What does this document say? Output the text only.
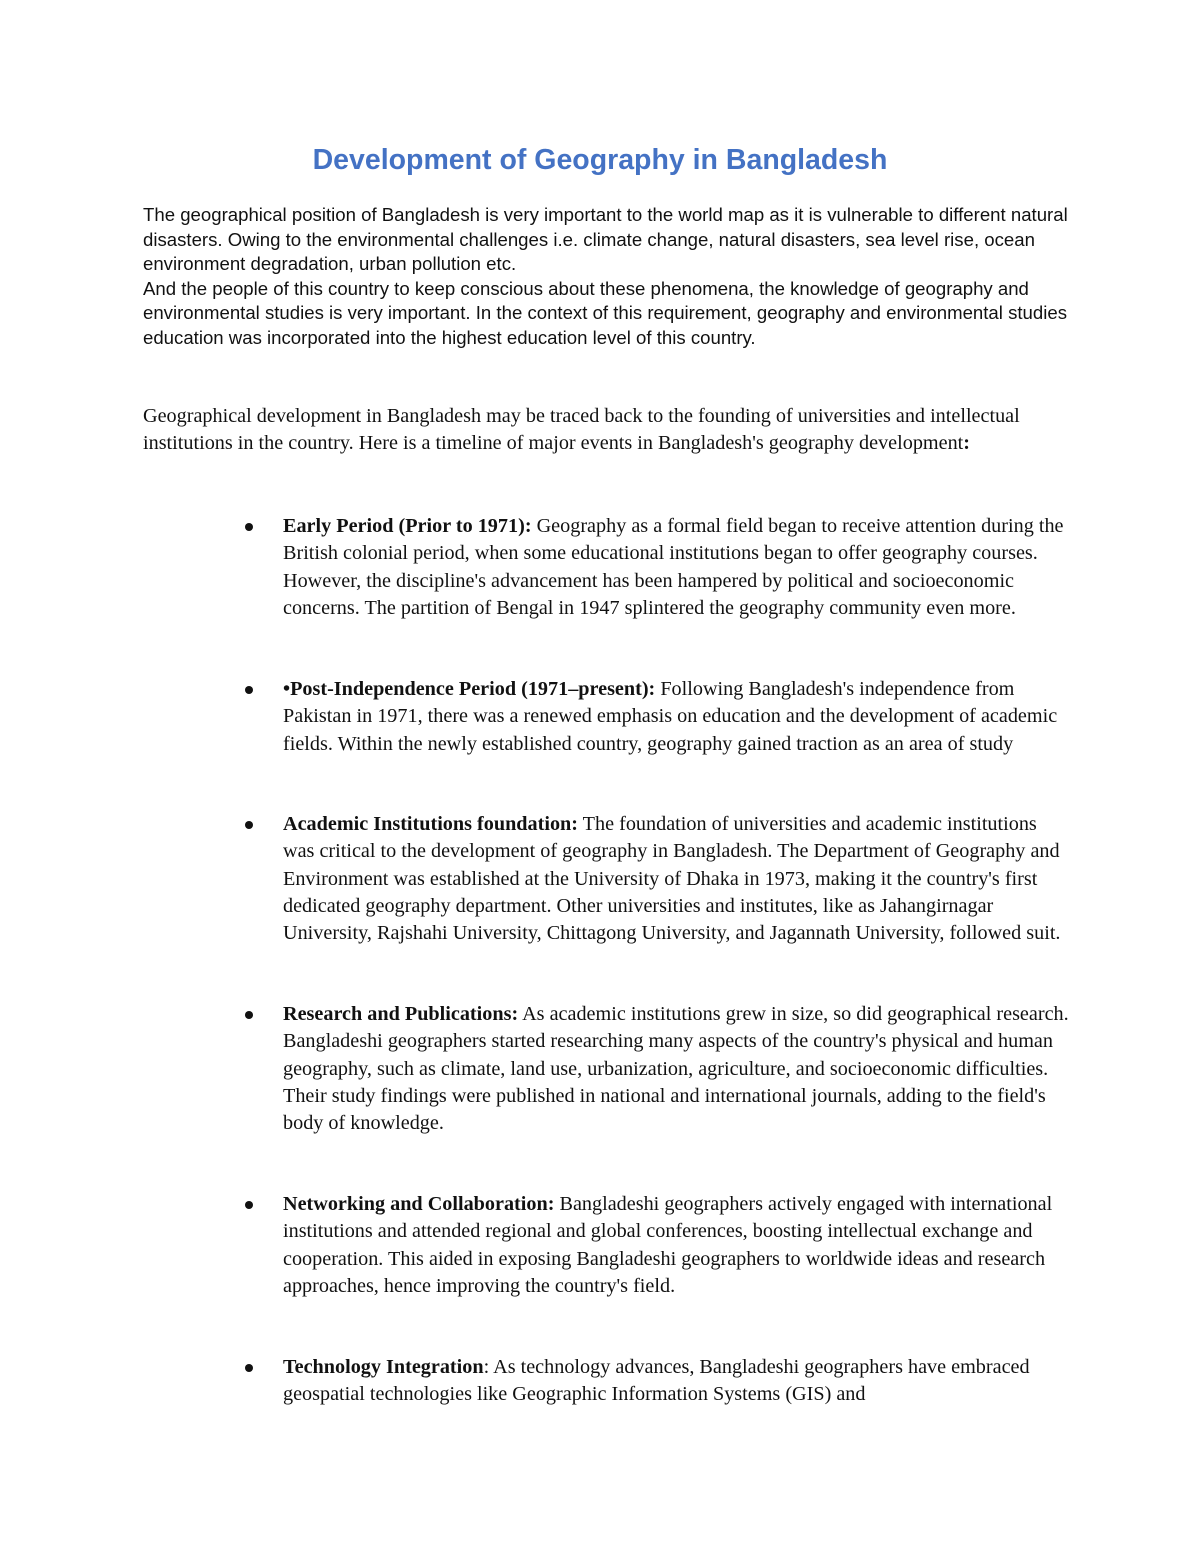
Development of Geography in Bangladesh

The geographical position of Bangladesh is very important to the world map as it is vulnerable to different natural disasters. Owing to the environmental challenges i.e. climate change, natural disasters, sea level rise, ocean environment degradation, urban pollution etc.

And the people of this country to keep conscious about these phenomena, the knowledge of geography and environmental studies is very important. In the context of this requirement, geography and environmental studies education was incorporated into the highest education level of this country.

Geographical development in Bangladesh may be traced back to the founding of universities and intellectual institutions in the country. Here is a timeline of major events in Bangladesh's geography development:

Early Period (Prior to 1971): Geography as a formal field began to receive attention during the British colonial period, when some educational institutions began to offer geography courses. However, the discipline's advancement has been hampered by political and socioeconomic concerns. The partition of Bengal in 1947 splintered the geography community even more.
•Post-Independence Period (1971–present): Following Bangladesh's independence from Pakistan in 1971, there was a renewed emphasis on education and the development of academic fields. Within the newly established country, geography gained traction as an area of study
Academic Institutions foundation: The foundation of universities and academic institutions was critical to the development of geography in Bangladesh. The Department of Geography and Environment was established at the University of Dhaka in 1973, making it the country's first dedicated geography department. Other universities and institutes, like as Jahangirnagar University, Rajshahi University, Chittagong University, and Jagannath University, followed suit.
Research and Publications: As academic institutions grew in size, so did geographical research. Bangladeshi geographers started researching many aspects of the country's physical and human geography, such as climate, land use, urbanization, agriculture, and socioeconomic difficulties. Their study findings were published in national and international journals, adding to the field's body of knowledge.
Networking and Collaboration: Bangladeshi geographers actively engaged with international institutions and attended regional and global conferences, boosting intellectual exchange and cooperation. This aided in exposing Bangladeshi geographers to worldwide ideas and research approaches, hence improving the country's field.
Technology Integration: As technology advances, Bangladeshi geographers have embraced geospatial technologies like Geographic Information Systems (GIS) and
